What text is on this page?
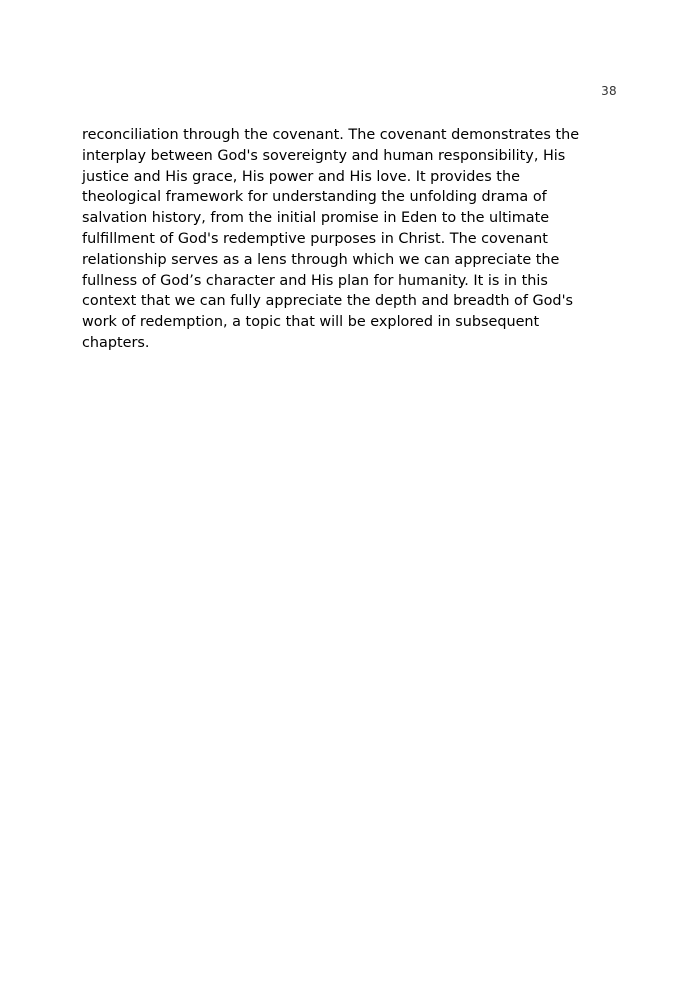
38

reconciliation through the covenant. The covenant demonstrates the
interplay between God's sovereignty and human responsibility, His
justice and His grace, His power and His love. It provides the
theological framework for understanding the unfolding drama of
salvation history, from the initial promise in Eden to the ultimate
fulfillment of God's redemptive purposes in Christ. The covenant
relationship serves as a lens through which we can appreciate the
fullness of God’s character and His plan for humanity. It is in this
context that we can fully appreciate the depth and breadth of God's
work of redemption, a topic that will be explored in subsequent
chapters.
